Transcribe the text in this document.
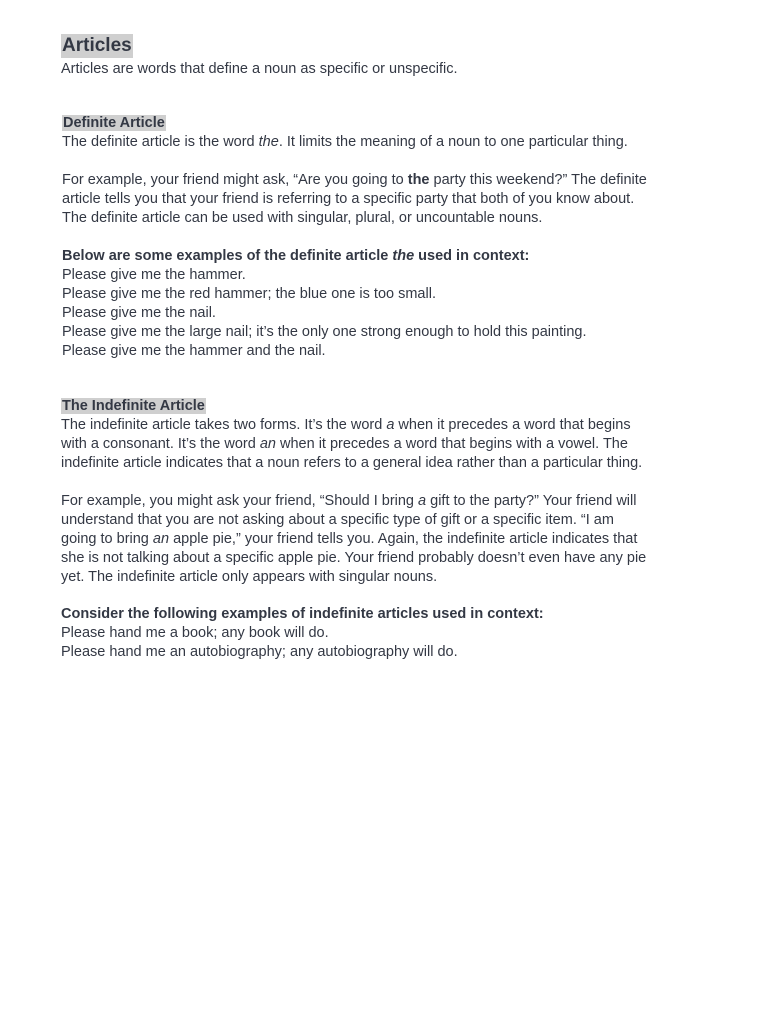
Articles
Articles are words that define a noun as specific or unspecific.
Definite Article
The definite article is the word the. It limits the meaning of a noun to one particular thing.
For example, your friend might ask, “Are you going to the party this weekend?” The definite
article tells you that your friend is referring to a specific party that both of you know about.
The definite article can be used with singular, plural, or uncountable nouns.
Below are some examples of the definite article the used in context:
Please give me the hammer.
Please give me the red hammer; the blue one is too small.
Please give me the nail.
Please give me the large nail; it’s the only one strong enough to hold this painting.
Please give me the hammer and the nail.
The Indefinite Article
The indefinite article takes two forms. It’s the word a when it precedes a word that begins
with a consonant. It’s the word an when it precedes a word that begins with a vowel. The
indefinite article indicates that a noun refers to a general idea rather than a particular thing.
For example, you might ask your friend, “Should I bring a gift to the party?” Your friend will
understand that you are not asking about a specific type of gift or a specific item. “I am
going to bring an apple pie,” your friend tells you. Again, the indefinite article indicates that
she is not talking about a specific apple pie. Your friend probably doesn’t even have any pie
yet. The indefinite article only appears with singular nouns.
Consider the following examples of indefinite articles used in context:
Please hand me a book; any book will do.
Please hand me an autobiography; any autobiography will do.
